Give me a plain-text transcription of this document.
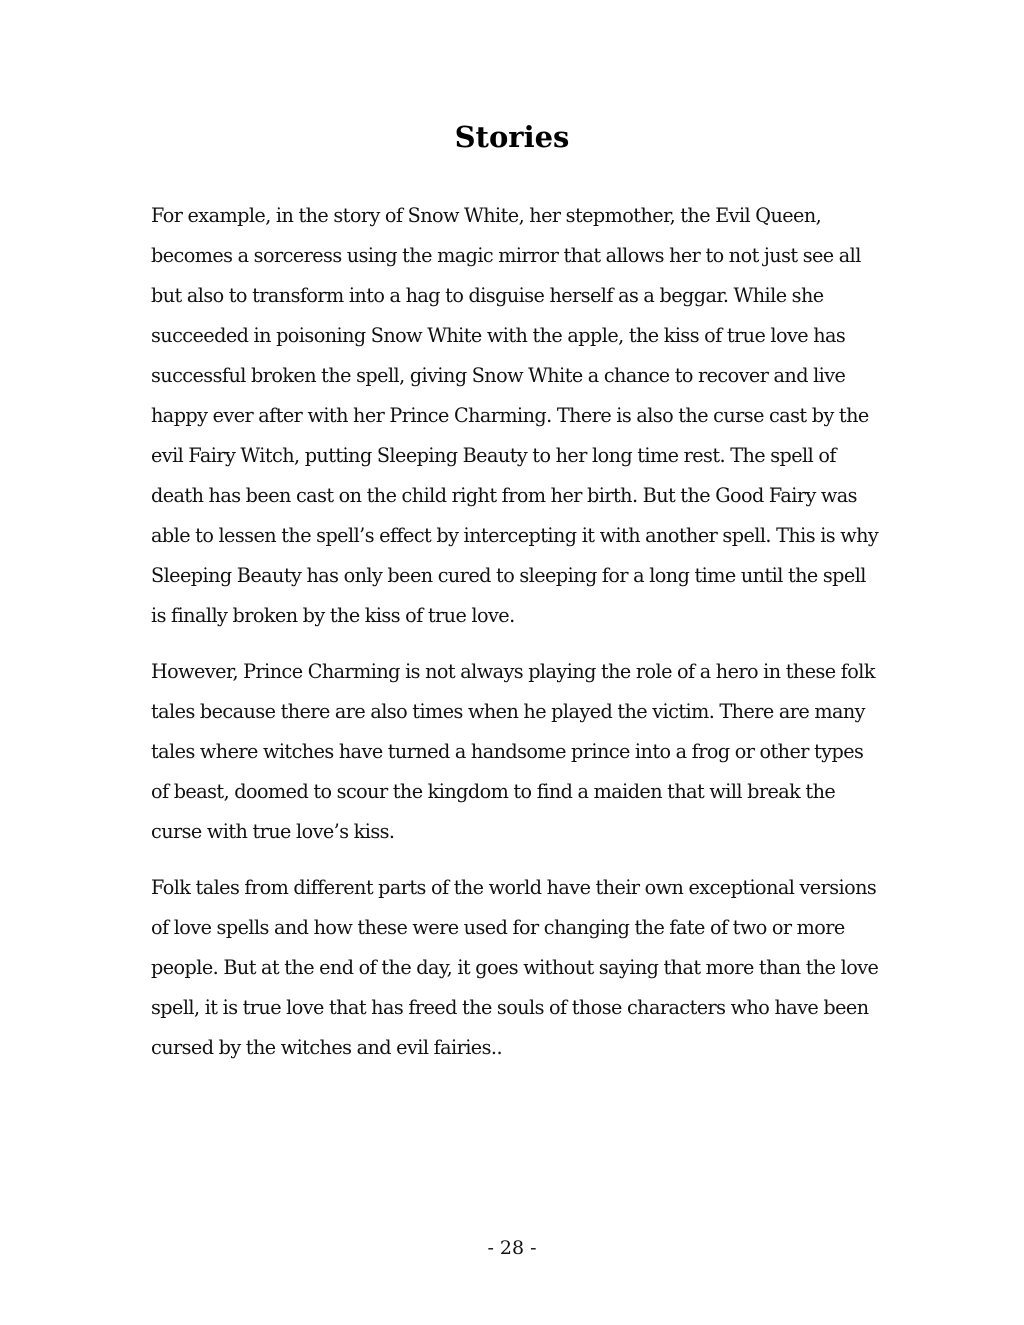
Stories

For example, in the story of Snow White, her stepmother, the Evil Queen, becomes a sorceress using the magic mirror that allows her to not just see all but also to transform into a hag to disguise herself as a beggar. While she succeeded in poisoning Snow White with the apple, the kiss of true love has successful broken the spell, giving Snow White a chance to recover and live happy ever after with her Prince Charming. There is also the curse cast by the evil Fairy Witch, putting Sleeping Beauty to her long time rest. The spell of death has been cast on the child right from her birth. But the Good Fairy was able to lessen the spell’s effect by intercepting it with another spell. This is why Sleeping Beauty has only been cured to sleeping for a long time until the spell is finally broken by the kiss of true love.

However, Prince Charming is not always playing the role of a hero in these folk tales because there are also times when he played the victim. There are many tales where witches have turned a handsome prince into a frog or other types of beast, doomed to scour the kingdom to find a maiden that will break the curse with true love’s kiss.

Folk tales from different parts of the world have their own exceptional versions of love spells and how these were used for changing the fate of two or more people. But at the end of the day, it goes without saying that more than the love spell, it is true love that has freed the souls of those characters who have been cursed by the witches and evil fairies..

- 28 -
